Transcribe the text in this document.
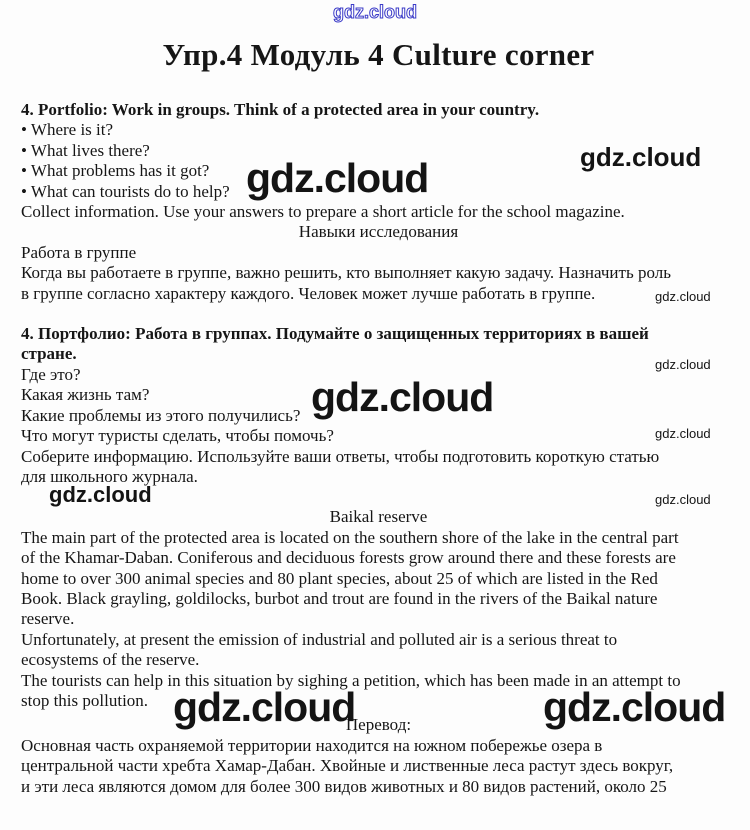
gdz.cloud
gdz.cloud
gdz.cloud
gdz.cloud
gdz.cloud
gdz.cloud
gdz.cloud
gdz.cloud	gdz.cloud
gdz.cloud	gdz.cloud
Упр.4 Модуль 4 Culture corner
4. Portfolio: Work in groups. Think of a protected area in your country.
• Where is it?
• What lives there?
• What problems has it got?
• What can tourists do to help?
Collect information. Use your answers to prepare a short article for the school magazine.
Навыки исследования
Работа в группе
Когда вы работаете в группе, важно решить, кто выполняет какую задачу. Назначить роль
в группе согласно характеру каждого. Человек может лучше работать в группе.
4. Портфолио: Работа в группах. Подумайте о защищенных территориях в вашей
стране.
Где это?
Какая жизнь там?
Какие проблемы из этого получились?
Что могут туристы сделать, чтобы помочь?
Соберите информацию. Используйте ваши ответы, чтобы подготовить короткую статью
для школьного журнала.
Baikal reserve
The main part of the protected area is located on the southern shore of the lake in the central part
of the Khamar-Daban. Coniferous and deciduous forests grow around there and these forests are
home to over 300 animal species and 80 plant species, about 25 of which are listed in the Red
Book. Black grayling, goldilocks, burbot and trout are found in the rivers of the Baikal nature
reserve.
Unfortunately, at present the emission of industrial and polluted air is a serious threat to
ecosystems of the reserve.
The tourists can help in this situation by sighing a petition, which has been made in an attempt to
stop this pollution.
Перевод:
Основная часть охраняемой территории находится на южном побережье озера в
центральной части хребта Хамар-Дабан. Хвойные и лиственные леса растут здесь вокруг,
и эти леса являются домом для более 300 видов животных и 80 видов растений, около 25
